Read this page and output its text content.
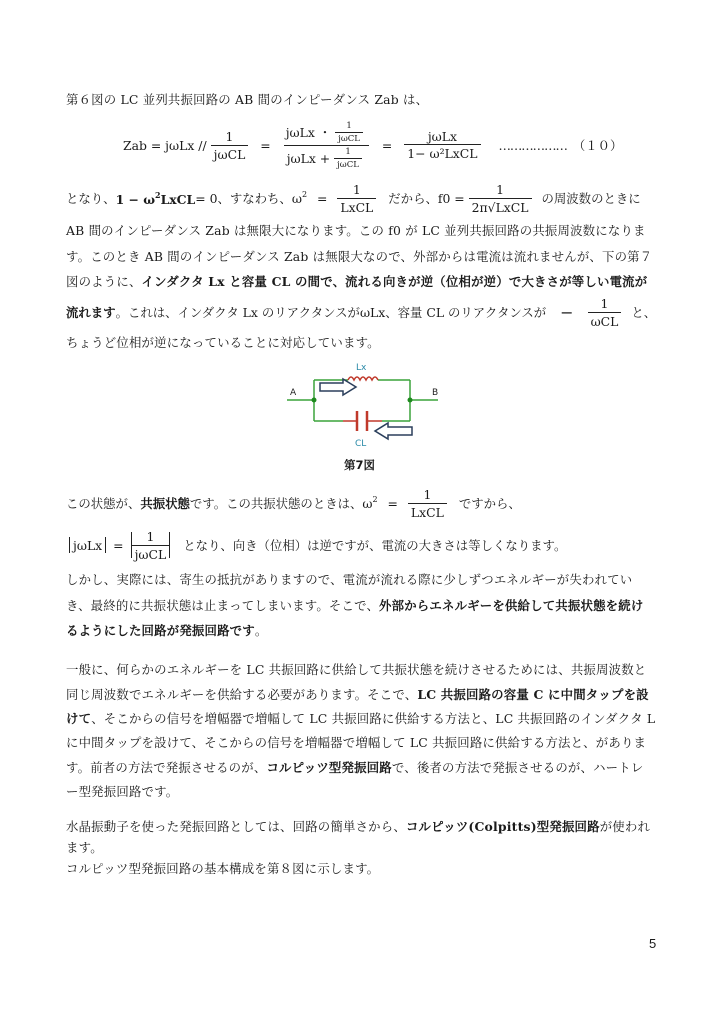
第６図の LC 並列共振回路の AB 間のインピーダンス Zab は、
Zab = $j\omega Lx // \frac{1}{\text{jωCL}} = \frac{j\omega Lx ・ \frac{1}{\text{jωCL}}}{j\omega Lx + \frac{1}{\text{jωCL}}} = \frac{\text{jωLx}}{\text{1− ω²LxCL}}$ ……………… （１０）
となり、 $1 - \omega^2LxCL = 0$、すなわち、 $\omega^2 = \frac{1}{\text{LxCL}}$ だから、$f0 = \frac{1}{\text{2π√LxCL}}$ の周波数のときに
AB 間のインピーダンス Zab は無限大になります。この f0 が LC 並列共振回路の共振周波数になりま
す。このとき AB 間のインピーダンス Zab は無限大なので、外部からは電流は流れませんが、下の第７
図のように、インダクタ Lx と容量 CL の間で、流れる向きが逆（位相が逆）で大きさが等しい電流が
流れます 。これは、インダクタ Lx のリアクタンスがωLx、容量 CL のリアクタンスが − $\frac{1}{\text{ωCL}}$ と、
ちょうど位相が逆になっていることに対応しています。
A	B
Lx
CL
第7図
この状態が、 共振状態 です。この共振状態のときは、 $\omega^2 = \frac{1}{\text{LxCL}}$ ですから、
$j\omega Lx = \frac{1}{\text{jωCL}}$ となり、向き（位相）は逆ですが、電流の大きさは等しくなります。
しかし、実際には、寄生の抵抗がありますので、電流が流れる際に少しずつエネルギーが失われてい
き、最終的に共振状態は止まってしまいます。そこで、外部からエネルギーを供給して共振状態を続け
るようにした回路が発振回路です。
一般に、何らかのエネルギーを LC 共振回路に供給して共振状態を続けさせるためには、共振周波数と
同じ周波数でエネルギーを供給する必要があります。そこで、LC 共振回路の容量 C に中間タップを設
けて、そこからの信号を増幅器で増幅して LC 共振回路に供給する方法と、LC 共振回路のインダクタ L
に中間タップを設けて、そこからの信号を増幅器で増幅して LC 共振回路に供給する方法と、がありま
す。前者の方法で発振させるのが、コルピッツ型発振回路で、後者の方法で発振させるのが、ハートレ
ー型発振回路です。
水晶振動子を使った発振回路としては、回路の簡単さから、コルピッツ(Colpitts)型発振回路が使われ
ます。
コルピッツ型発振回路の基本構成を第８図に示します。
5
